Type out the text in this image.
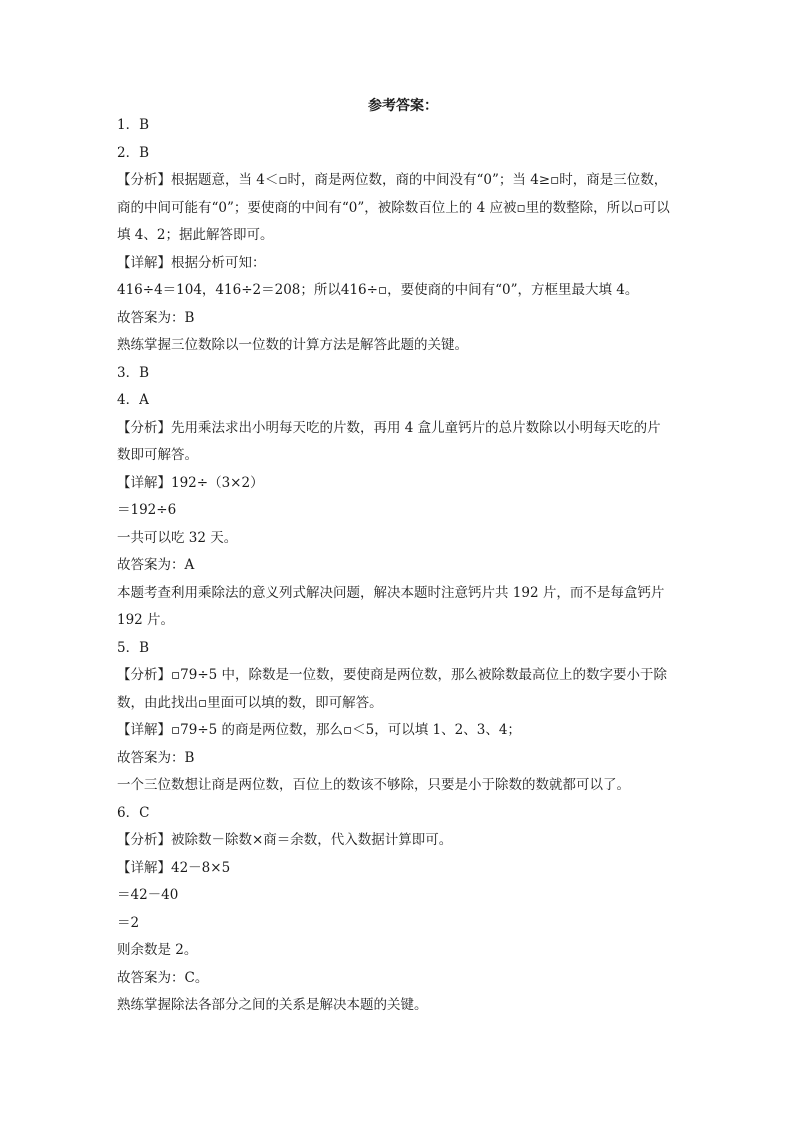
参考答案：
1．B
2．B
【分析】根据题意，当 4＜▫时，商是两位数，商的中间没有“0”；当 4≥▫时，商是三位数，
商的中间可能有“0”；要使商的中间有“0”，被除数百位上的 4 应被▫里的数整除，所以▫可以
填 4、2；据此解答即可。
【详解】根据分析可知：
416÷4＝104，416÷2＝208；所以416÷▫，要使商的中间有“0”，方框里最大填 4。
故答案为：B
熟练掌握三位数除以一位数的计算方法是解答此题的关键。
3．B
4．A
【分析】先用乘法求出小明每天吃的片数，再用 4 盒儿童钙片的总片数除以小明每天吃的片
数即可解答。
【详解】192÷（3×2）
＝192÷6
一共可以吃 32 天。
故答案为：A
本题考查利用乘除法的意义列式解决问题，解决本题时注意钙片共 192 片，而不是每盒钙片
192 片。
5．B
【分析】▫79÷5 中，除数是一位数，要使商是两位数，那么被除数最高位上的数字要小于除
数，由此找出▫里面可以填的数，即可解答。
【详解】▫79÷5 的商是两位数，那么▫＜5，可以填 1、2、3、4；
故答案为：B
一个三位数想让商是两位数，百位上的数该不够除，只要是小于除数的数就都可以了。
6．C
【分析】被除数－除数×商＝余数，代入数据计算即可。
【详解】42－8×5
＝42－40
＝2
则余数是 2。
故答案为：C。
熟练掌握除法各部分之间的关系是解决本题的关键。
